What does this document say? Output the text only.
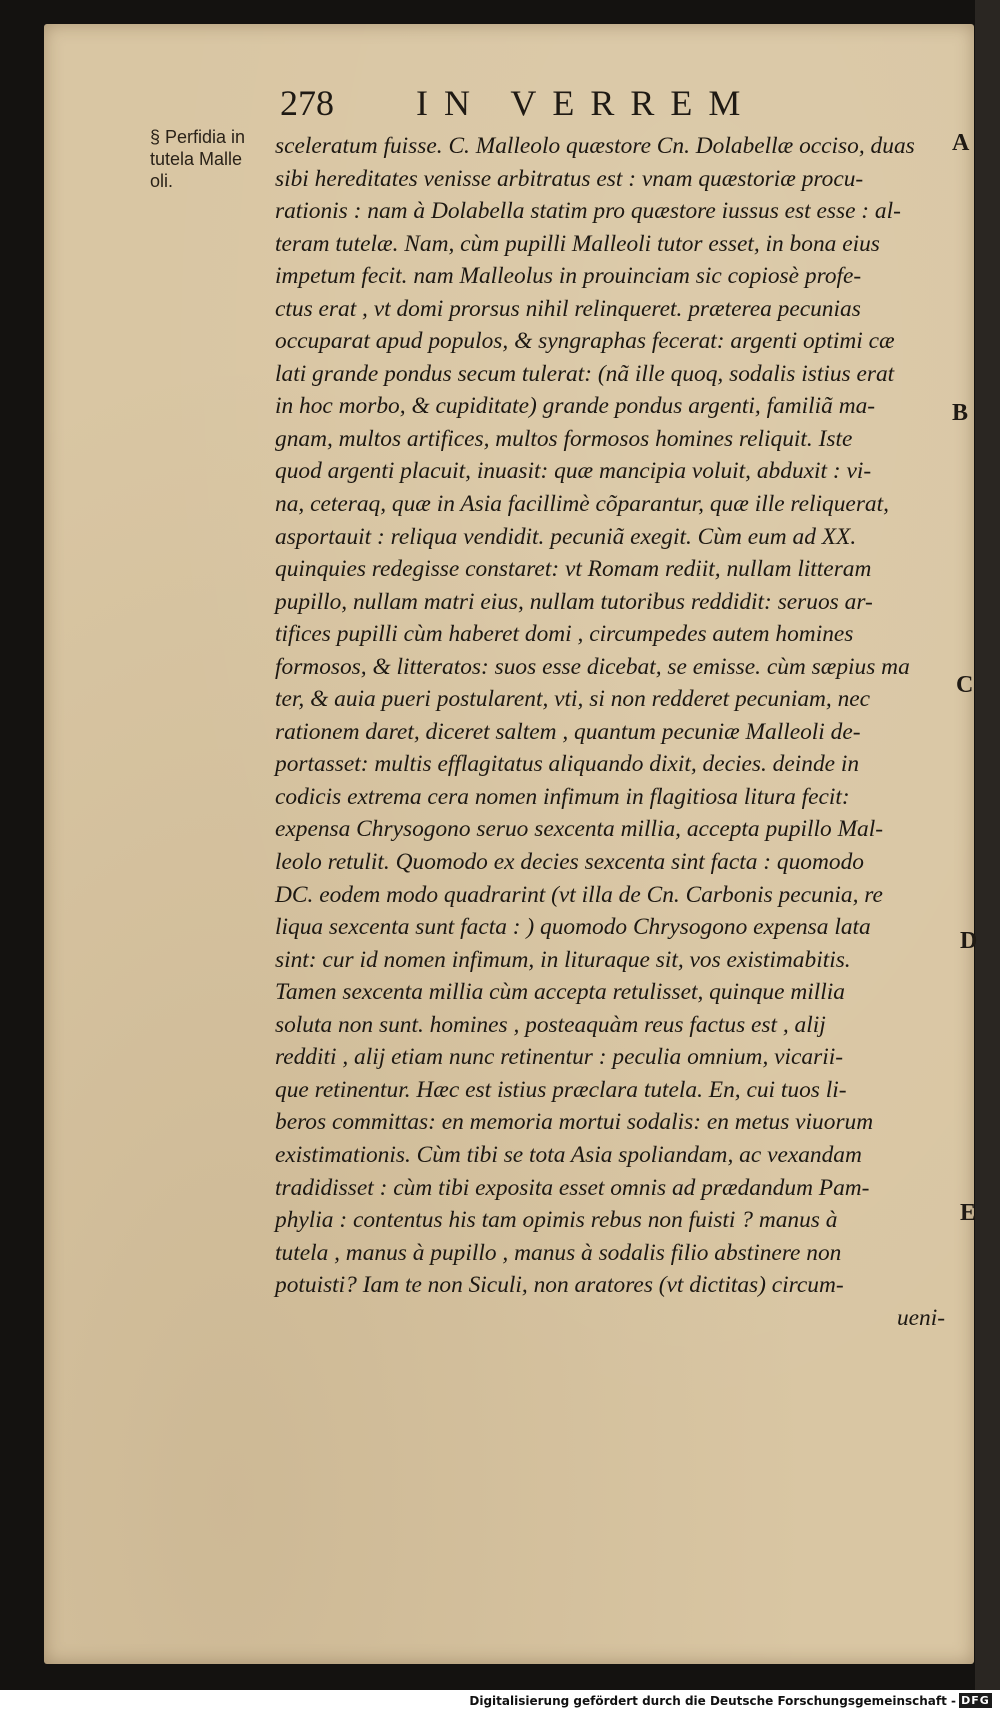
278 IN VERREM
§ Perfidia in
tutela Malle
oli.
A
B
C
D
E
sceleratum fuisse. C. Malleolo quæstore Cn. Dolabellæ occiso, duas
sibi hereditates venisse arbitratus est : vnam quæstoriæ procu-
rationis : nam à Dolabella statim pro quæstore iussus est esse : al-
teram tutelæ. Nam, cùm pupilli Malleoli tutor esset, in bona eius
impetum fecit. nam Malleolus in prouinciam sic copiosè profe-
ctus erat , vt domi prorsus nihil relinqueret. præterea pecunias
occuparat apud populos, & syngraphas fecerat: argenti optimi cæ
lati grande pondus secum tulerat: (nã ille quoq, sodalis istius erat
in hoc morbo, & cupiditate) grande pondus argenti, familiã ma-
gnam, multos artifices, multos formosos homines reliquit. Iste
quod argenti placuit, inuasit: quæ mancipia voluit, abduxit : vi-
na, ceteraq, quæ in Asia facillimè cõparantur, quæ ille reliquerat,
asportauit : reliqua vendidit. pecuniã exegit. Cùm eum ad XX.
quinquies redegisse constaret: vt Romam rediit, nullam litteram
pupillo, nullam matri eius, nullam tutoribus reddidit: seruos ar-
tifices pupilli cùm haberet domi , circumpedes autem homines
formosos, & litteratos: suos esse dicebat, se emisse. cùm sæpius ma
ter, & auia pueri postularent, vti, si non redderet pecuniam, nec
rationem daret, diceret saltem , quantum pecuniæ Malleoli de-
portasset: multis efflagitatus aliquando dixit, decies. deinde in
codicis extrema cera nomen infimum in flagitiosa litura fecit:
expensa Chrysogono seruo sexcenta millia, accepta pupillo Mal-
leolo retulit. Quomodo ex decies sexcenta sint facta : quomodo
DC. eodem modo quadrarint (vt illa de Cn. Carbonis pecunia, re
liqua sexcenta sunt facta : ) quomodo Chrysogono expensa lata
sint: cur id nomen infimum, in lituraque sit, vos existimabitis.
Tamen sexcenta millia cùm accepta retulisset, quinque millia
soluta non sunt. homines , posteaquàm reus factus est , alij
redditi , alij etiam nunc retinentur : peculia omnium, vicarii-
que retinentur. Hæc est istius præclara tutela. En, cui tuos li-
beros committas: en memoria mortui sodalis: en metus viuorum
existimationis. Cùm tibi se tota Asia spoliandam, ac vexandam
tradidisset : cùm tibi exposita esset omnis ad prædandum Pam-
phylia : contentus his tam opimis rebus non fuisti ? manus à
tutela , manus à pupillo , manus à sodalis filio abstinere non
potuisti? Iam te non Siculi, non aratores (vt dictitas) circum-
ueni-
Digitalisierung gefördert durch die Deutsche Forschungsgemeinschaft - DFG
